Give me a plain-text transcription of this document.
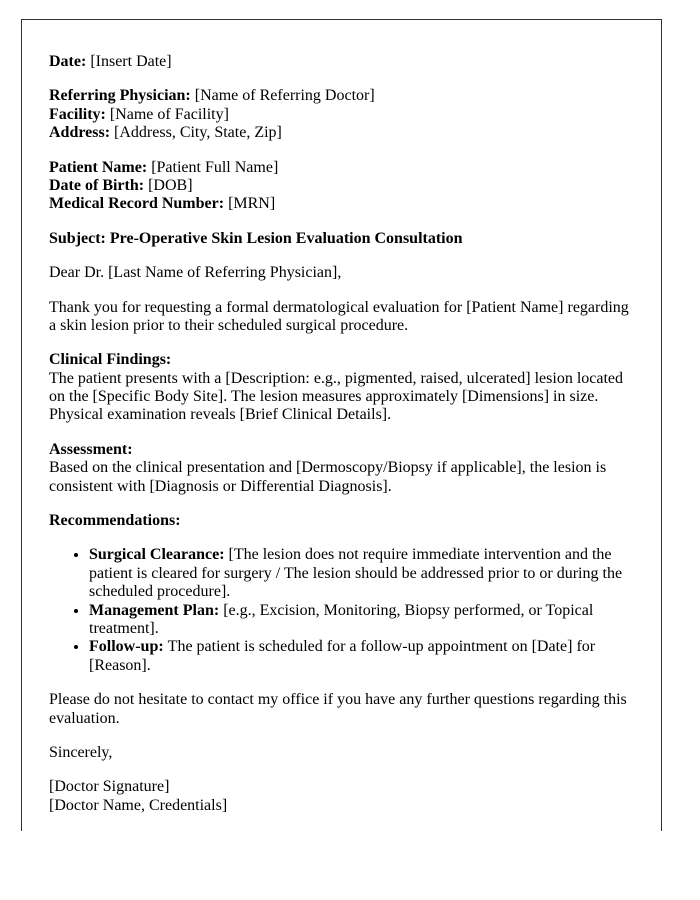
Date: [Insert Date]
Referring Physician: [Name of Referring Doctor]
Facility: [Name of Facility]
Address: [Address, City, State, Zip]
Patient Name: [Patient Full Name]
Date of Birth: [DOB]
Medical Record Number: [MRN]
Subject: Pre-Operative Skin Lesion Evaluation Consultation
Dear Dr. [Last Name of Referring Physician],
Thank you for requesting a formal dermatological evaluation for [Patient Name] regarding a skin lesion prior to their scheduled surgical procedure.
Clinical Findings:
The patient presents with a [Description: e.g., pigmented, raised, ulcerated] lesion located on the [Specific Body Site]. The lesion measures approximately [Dimensions] in size. Physical examination reveals [Brief Clinical Details].
Assessment:
Based on the clinical presentation and [Dermoscopy/Biopsy if applicable], the lesion is consistent with [Diagnosis or Differential Diagnosis].
Recommendations:
• Surgical Clearance: [The lesion does not require immediate intervention and the patient is cleared for surgery / The lesion should be addressed prior to or during the scheduled procedure].
• Management Plan: [e.g., Excision, Monitoring, Biopsy performed, or Topical treatment].
• Follow-up: The patient is scheduled for a follow-up appointment on [Date] for [Reason].
Please do not hesitate to contact my office if you have any further questions regarding this evaluation.
Sincerely,
[Doctor Signature]
[Doctor Name, Credentials]
